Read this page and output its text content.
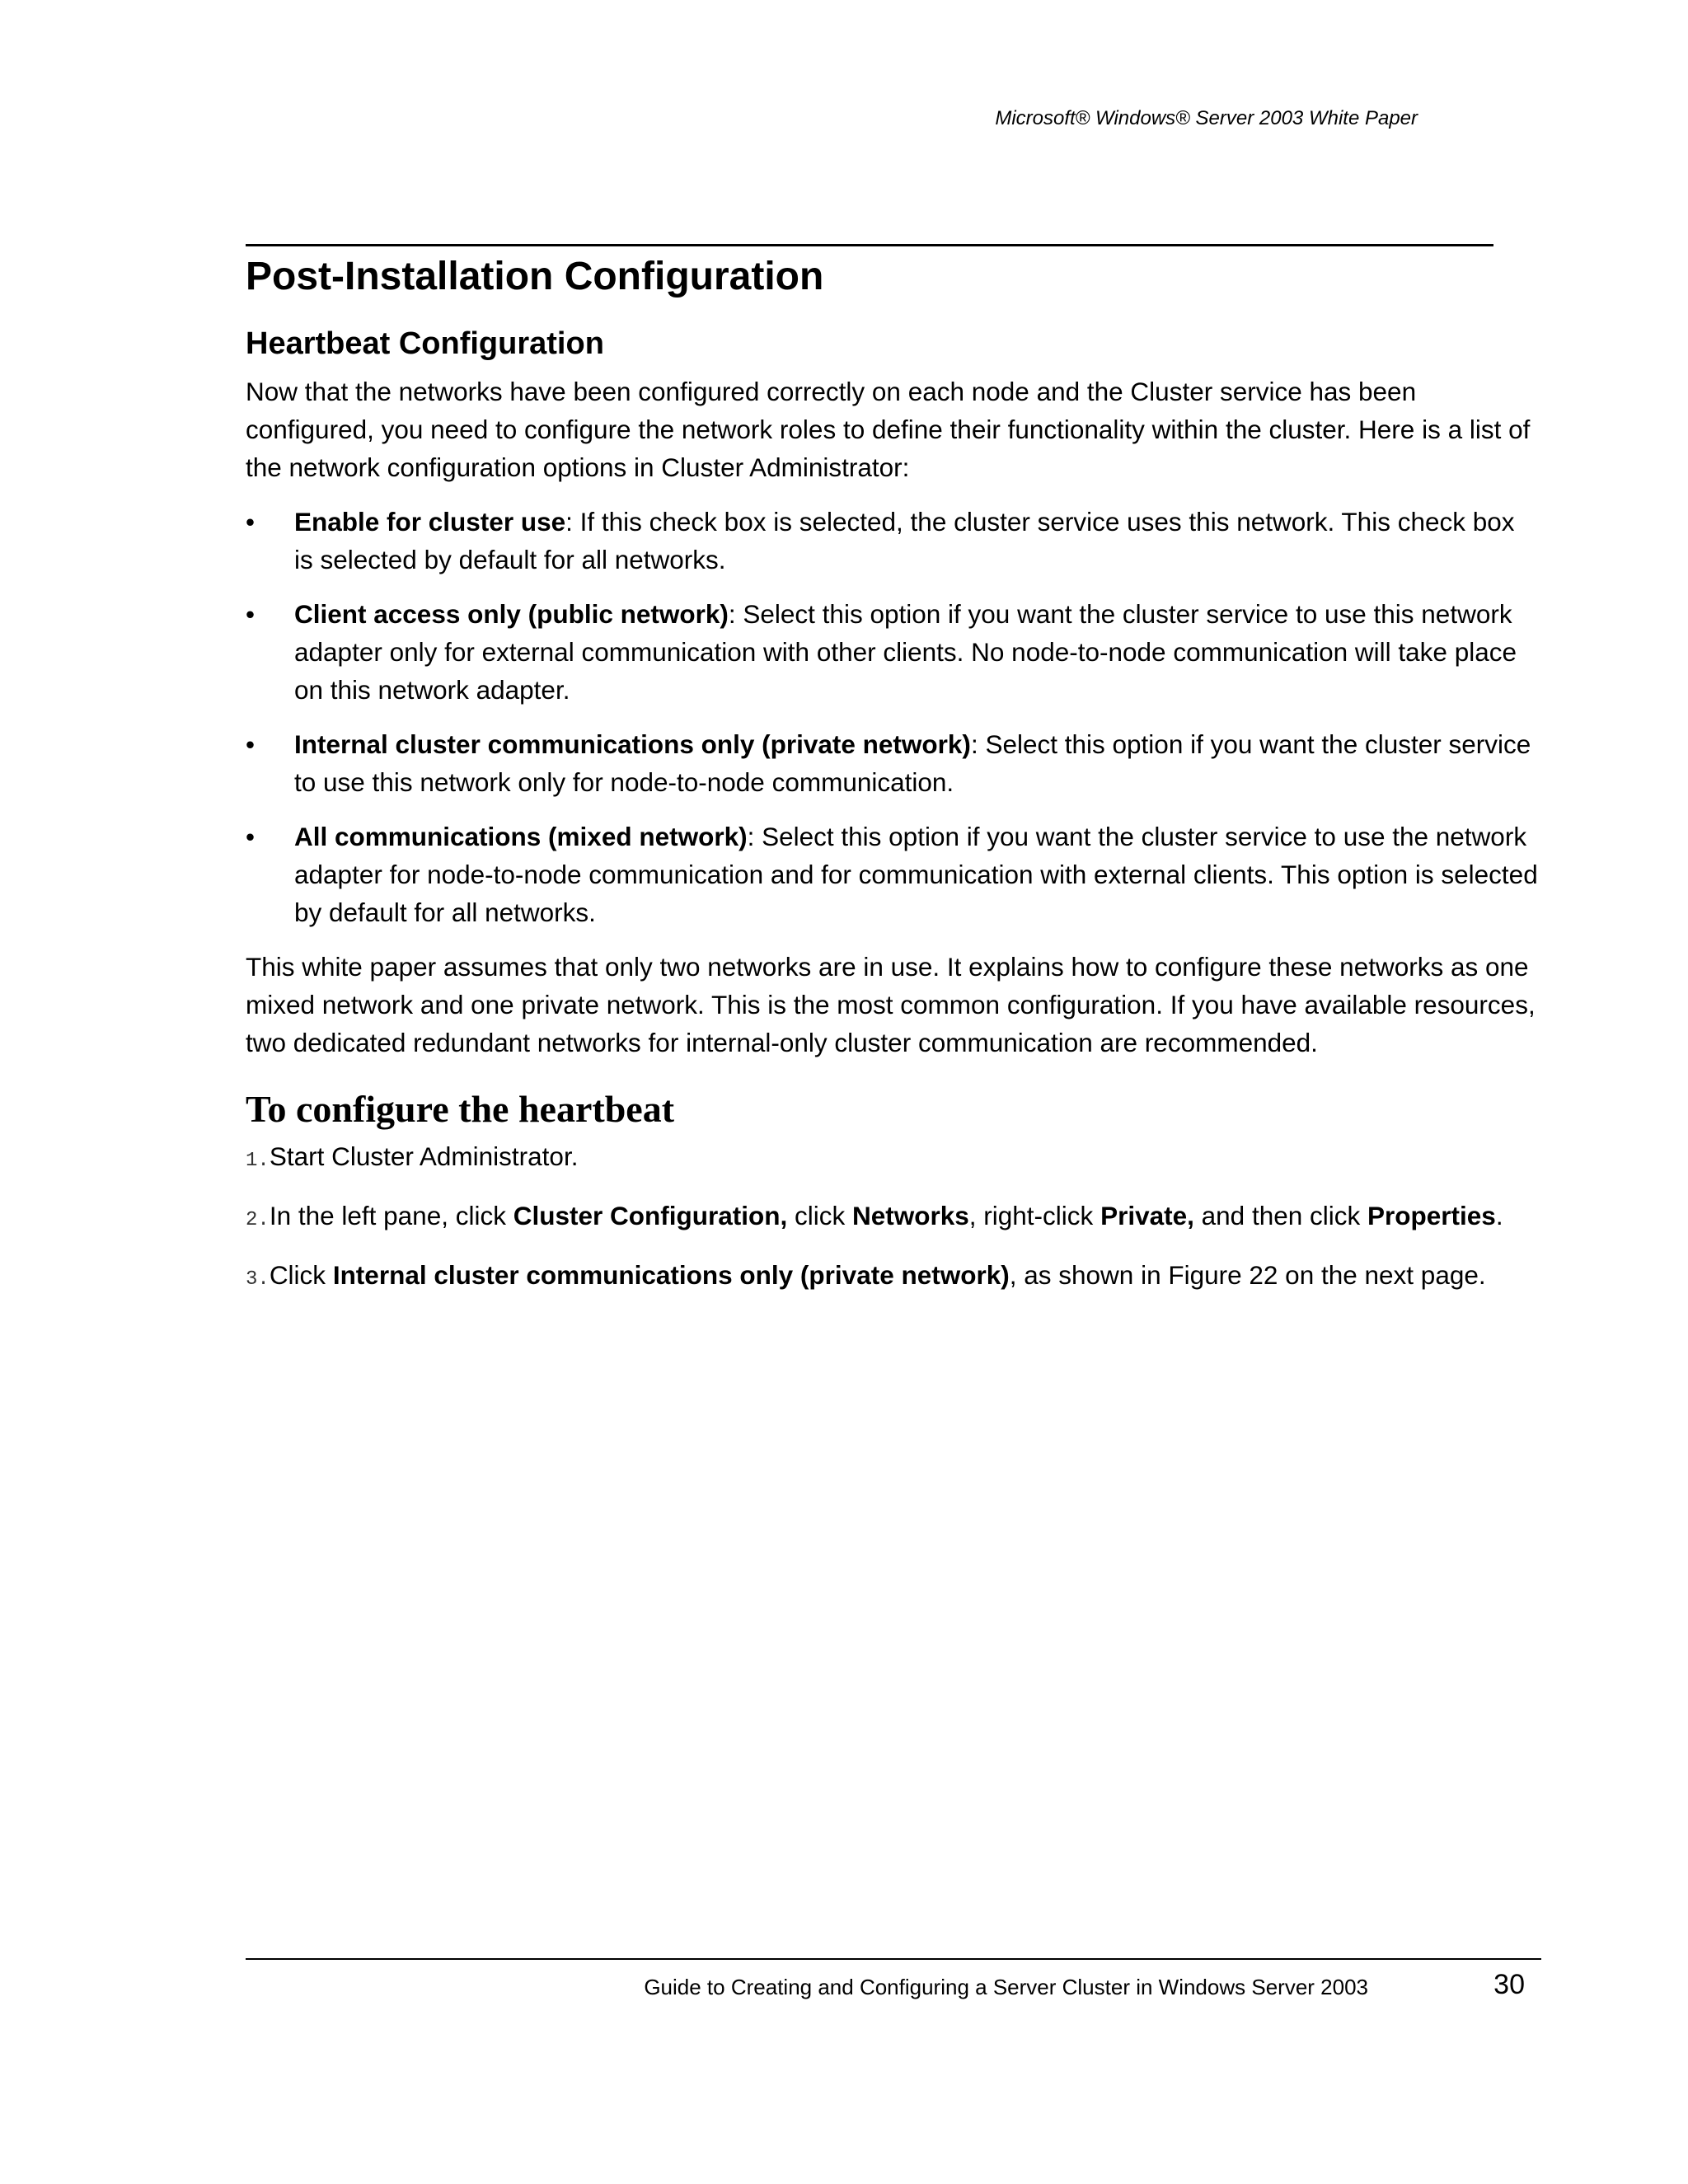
Microsoft® Windows® Server 2003 White Paper
Post-Installation Configuration
Heartbeat Configuration

Now that the networks have been configured correctly on each node and the Cluster service has been configured, you need to configure the network roles to define their functionality within the cluster. Here is a list of the network configuration options in Cluster Administrator:

• Enable for cluster use: If this check box is selected, the cluster service uses this network. This check box is selected by default for all networks.
• Client access only (public network): Select this option if you want the cluster service to use this network adapter only for external communication with other clients. No node-to-node communication will take place on this network adapter.
• Internal cluster communications only (private network): Select this option if you want the cluster service to use this network only for node-to-node communication.
• All communications (mixed network): Select this option if you want the cluster service to use the network adapter for node-to-node communication and for communication with external clients. This option is selected by default for all networks.

This white paper assumes that only two networks are in use. It explains how to configure these networks as one mixed network and one private network. This is the most common configuration. If you have available resources, two dedicated redundant networks for internal-only cluster communication are recommended.

To configure the heartbeat
1.Start Cluster Administrator.
2.In the left pane, click Cluster Configuration, click Networks, right-click Private, and then click Properties.
3.Click Internal cluster communications only (private network), as shown in Figure 22 on the next page.
Guide to Creating and Configuring a Server Cluster in Windows Server 2003	30
